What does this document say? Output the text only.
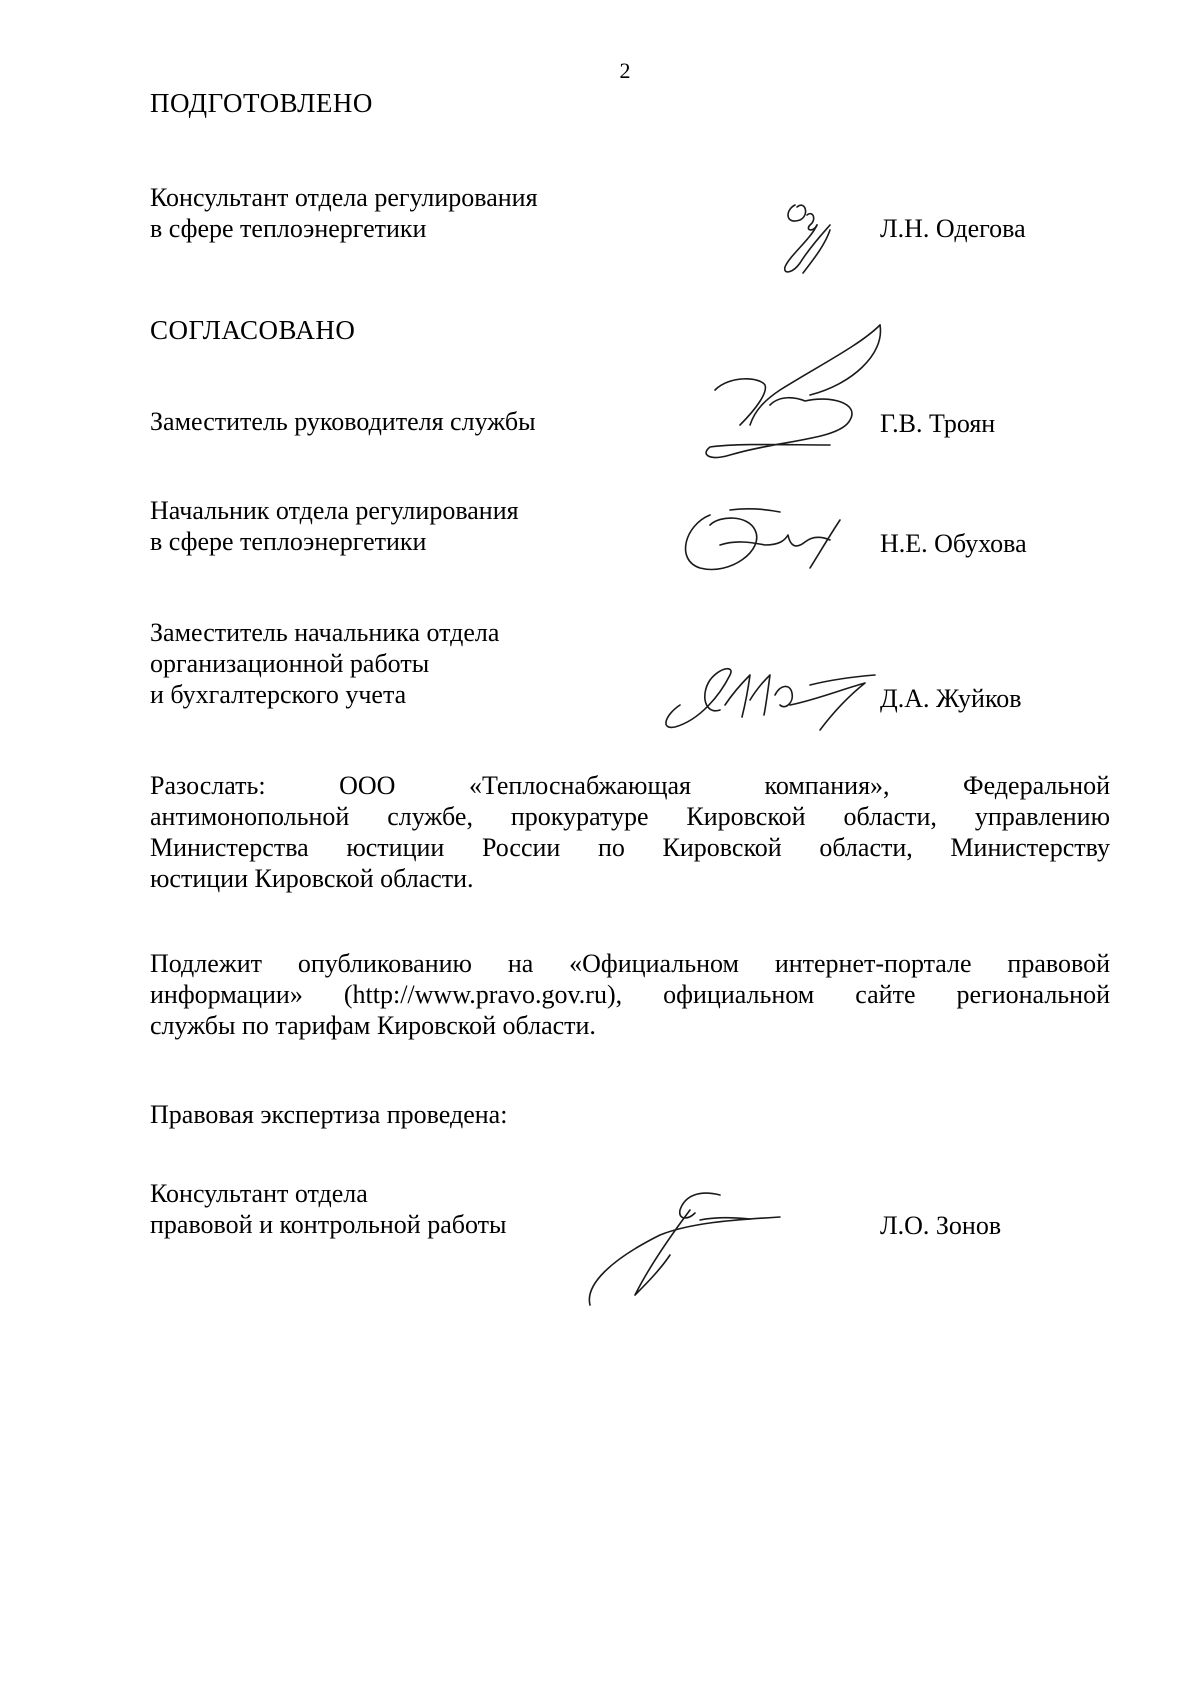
2
ПОДГОТОВЛЕНО
Консультант отдела регулирования
в сфере теплоэнергетики	Л.Н. Одегова
СОГЛАСОВАНО
Заместитель руководителя службы	Г.В. Троян
Начальник отдела регулирования
в сфере теплоэнергетики	Н.Е. Обухова
Заместитель начальника отдела
организационной работы
и бухгалтерского учета	Д.А. Жуйков
Разослать: ООО «Теплоснабжающая компания», Федеральной
антимонопольной службе, прокуратуре Кировской области, управлению
Министерства юстиции России по Кировской области, Министерству
юстиции Кировской области.
Подлежит опубликованию на «Официальном интернет-портале правовой
информации» (http://www.pravo.gov.ru), официальном сайте региональной
службы по тарифам Кировской области.
Правовая экспертиза проведена:
Консультант отдела
правовой и контрольной работы	Л.О. Зонов
